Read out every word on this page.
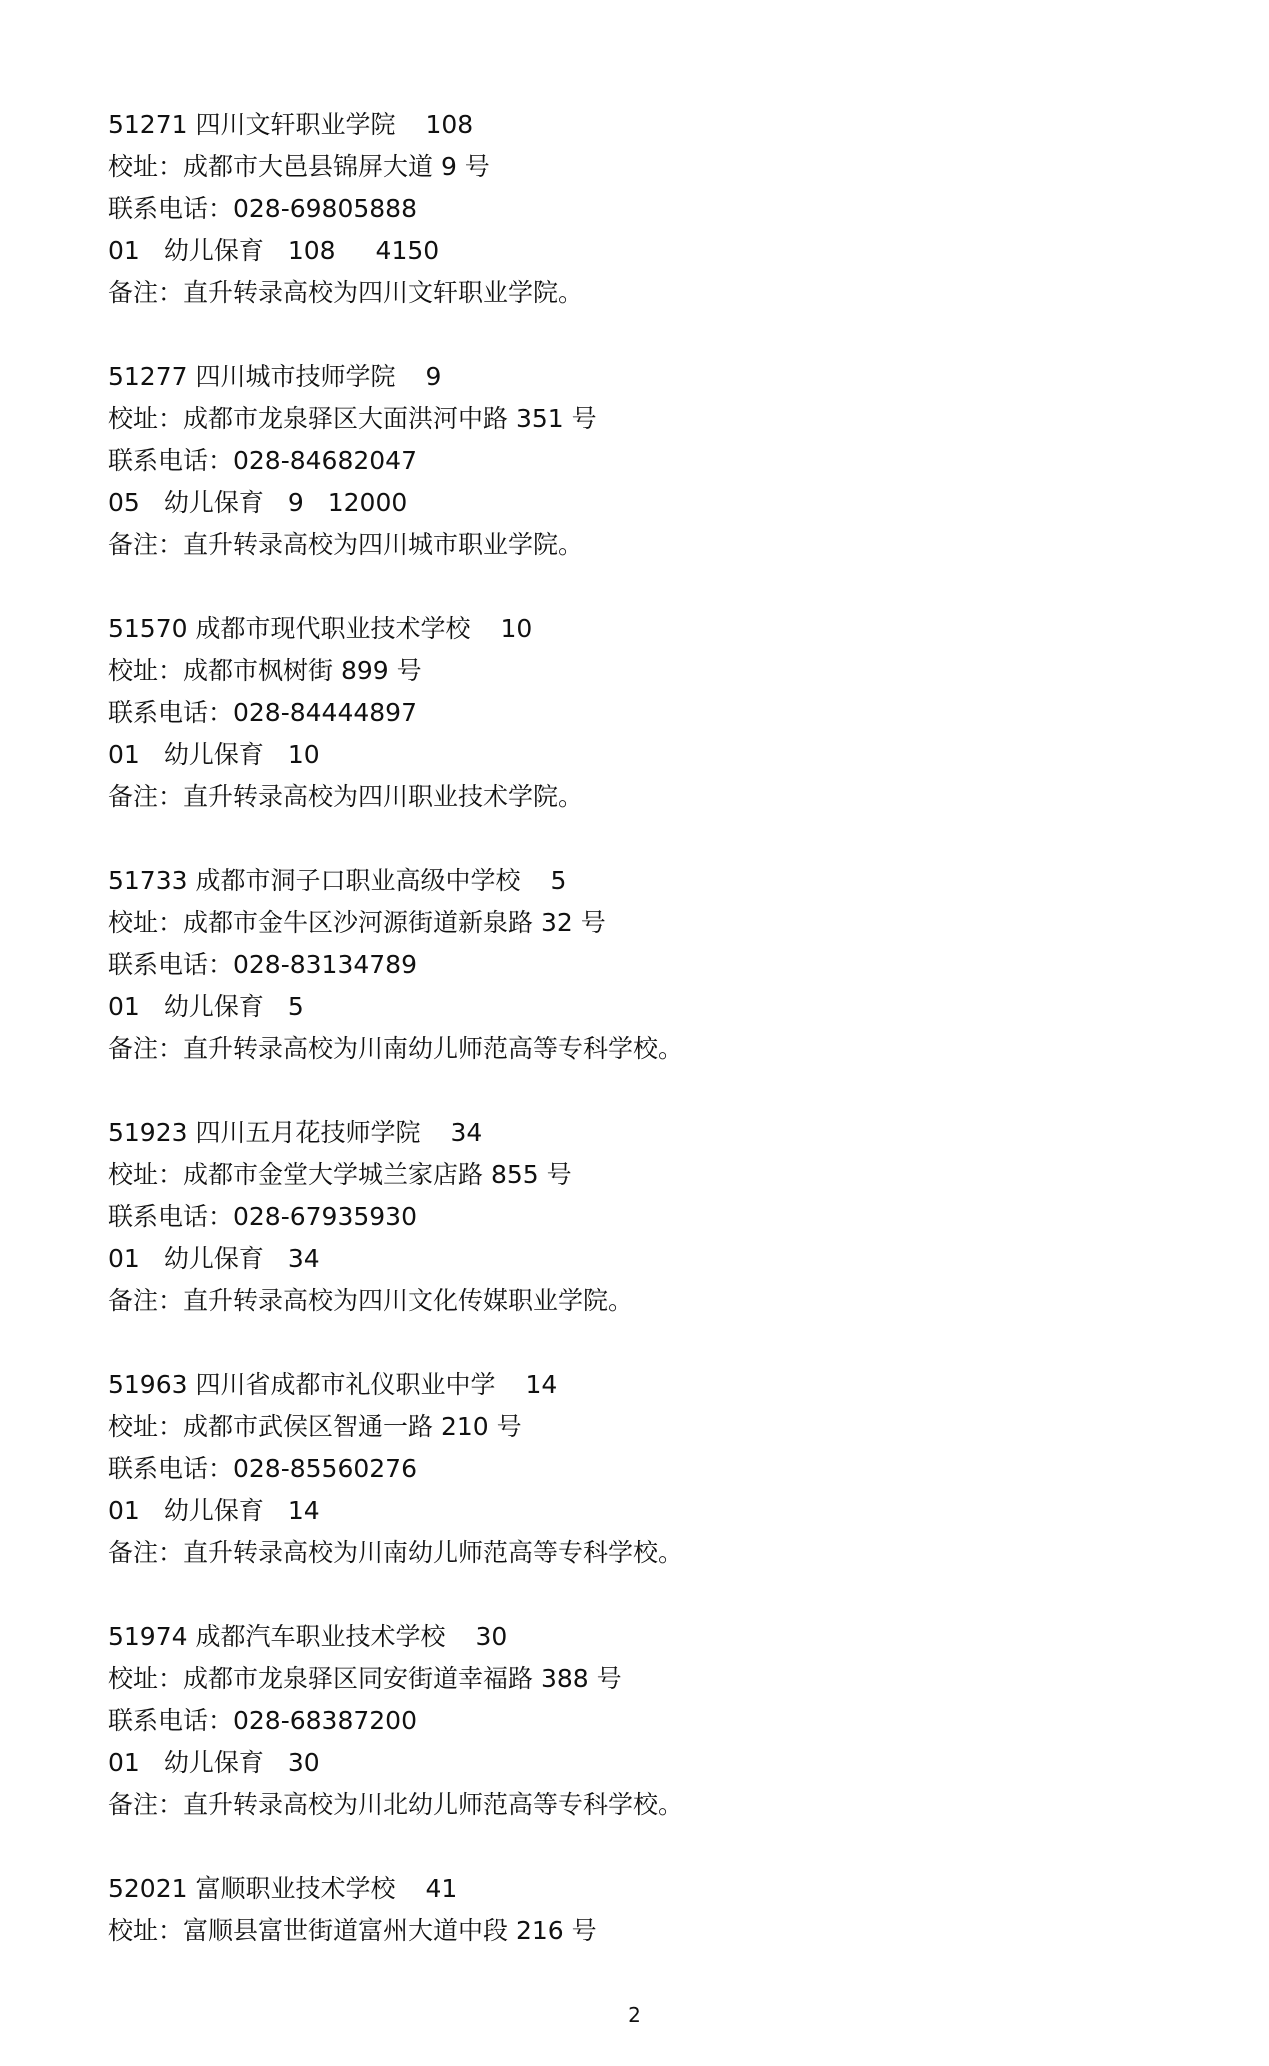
51271 四川文轩职业学院 108
校址：成都市大邑县锦屏大道 9 号
联系电话：028-69805888
01 幼儿保育 108 4150
备注：直升转录高校为四川文轩职业学院。
51277 四川城市技师学院 9
校址：成都市龙泉驿区大面洪河中路 351 号
联系电话：028-84682047
05 幼儿保育 9 12000
备注：直升转录高校为四川城市职业学院。
51570 成都市现代职业技术学校 10
校址：成都市枫树街 899 号
联系电话：028-84444897
01 幼儿保育 10
备注：直升转录高校为四川职业技术学院。
51733 成都市洞子口职业高级中学校 5
校址：成都市金牛区沙河源街道新泉路 32 号
联系电话：028-83134789
01 幼儿保育 5
备注：直升转录高校为川南幼儿师范高等专科学校。
51923 四川五月花技师学院 34
校址：成都市金堂大学城兰家店路 855 号
联系电话：028-67935930
01 幼儿保育 34
备注：直升转录高校为四川文化传媒职业学院。
51963 四川省成都市礼仪职业中学 14
校址：成都市武侯区智通一路 210 号
联系电话：028-85560276
01 幼儿保育 14
备注：直升转录高校为川南幼儿师范高等专科学校。
51974 成都汽车职业技术学校 30
校址：成都市龙泉驿区同安街道幸福路 388 号
联系电话：028-68387200
01 幼儿保育 30
备注：直升转录高校为川北幼儿师范高等专科学校。
52021 富顺职业技术学校 41
校址：富顺县富世街道富州大道中段 216 号
2
